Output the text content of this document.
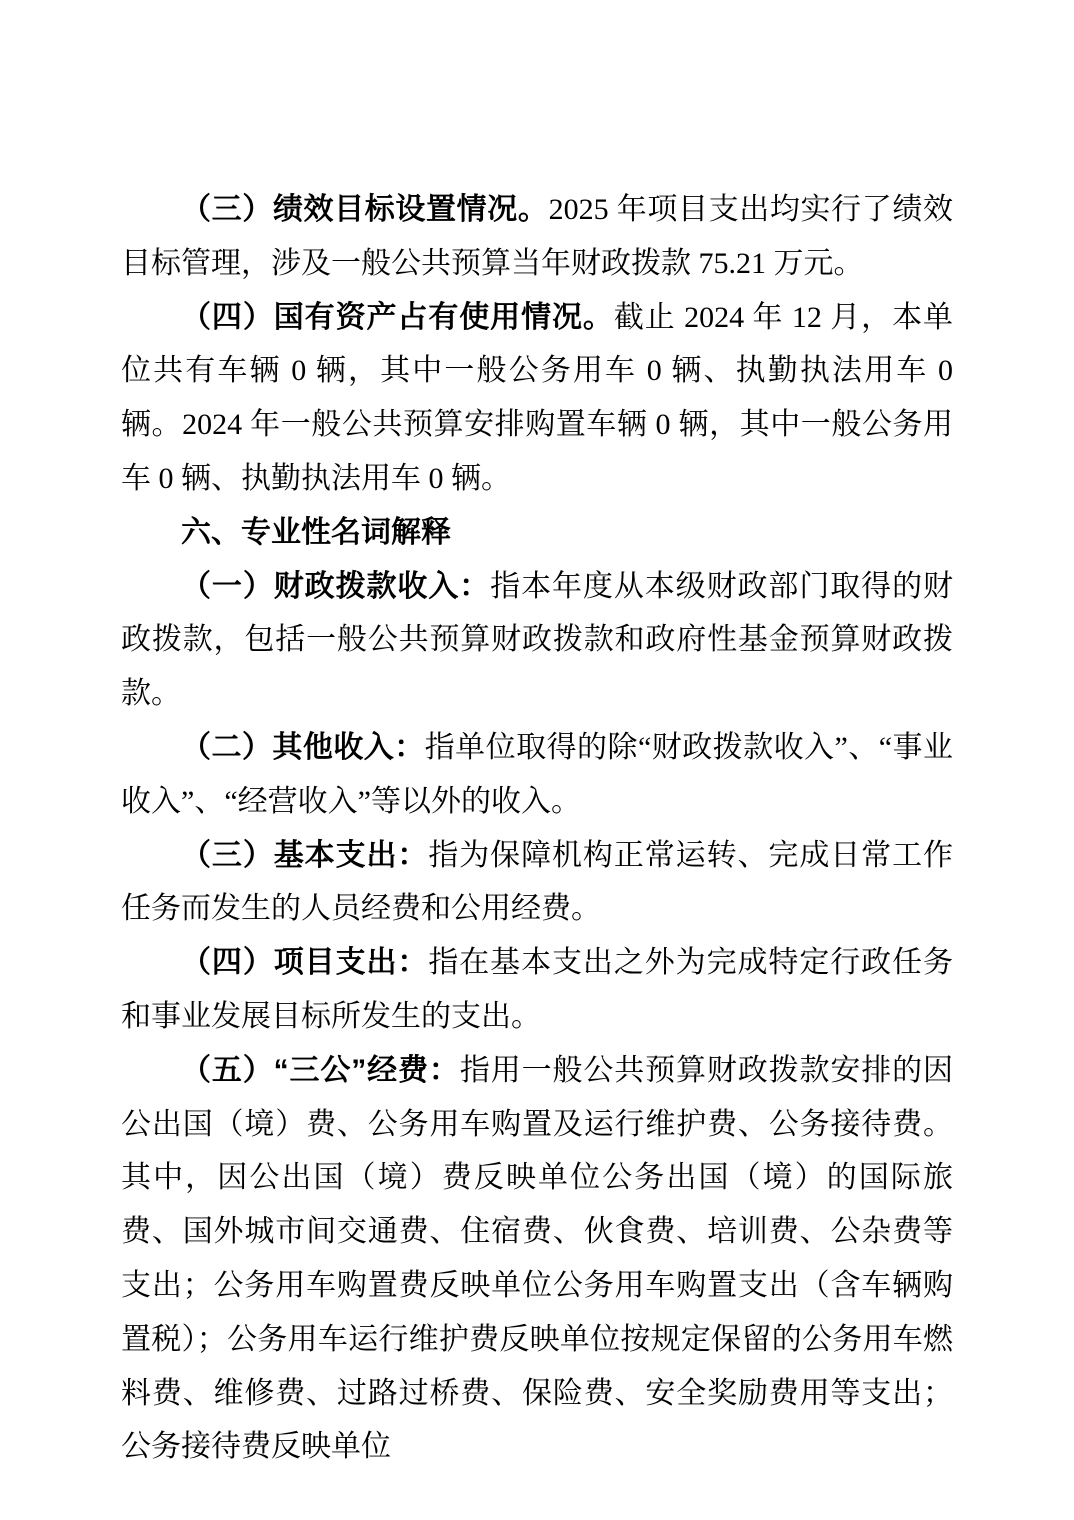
（三）绩效目标设置情况。2025 年项目支出均实行了绩效目标管理，涉及一般公共预算当年财政拨款 75.21 万元。

（四）国有资产占有使用情况。截止 2024 年 12 月，本单位共有车辆 0 辆，其中一般公务用车 0 辆、执勤执法用车 0 辆。2024 年一般公共预算安排购置车辆 0 辆，其中一般公务用车 0 辆、执勤执法用车 0 辆。

六、专业性名词解释

（一）财政拨款收入：指本年度从本级财政部门取得的财政拨款，包括一般公共预算财政拨款和政府性基金预算财政拨款。

（二）其他收入：指单位取得的除“财政拨款收入”、“事业收入”、“经营收入”等以外的收入。

（三）基本支出：指为保障机构正常运转、完成日常工作任务而发生的人员经费和公用经费。

（四）项目支出：指在基本支出之外为完成特定行政任务和事业发展目标所发生的支出。

（五）“三公”经费：指用一般公共预算财政拨款安排的因公出国（境）费、公务用车购置及运行维护费、公务接待费。其中，因公出国（境）费反映单位公务出国（境）的国际旅费、国外城市间交通费、住宿费、伙食费、培训费、公杂费等支出；公务用车购置费反映单位公务用车购置支出（含车辆购置税）；公务用车运行维护费反映单位按规定保留的公务用车燃料费、维修费、过路过桥费、保险费、安全奖励费用等支出；公务接待费反映单位
